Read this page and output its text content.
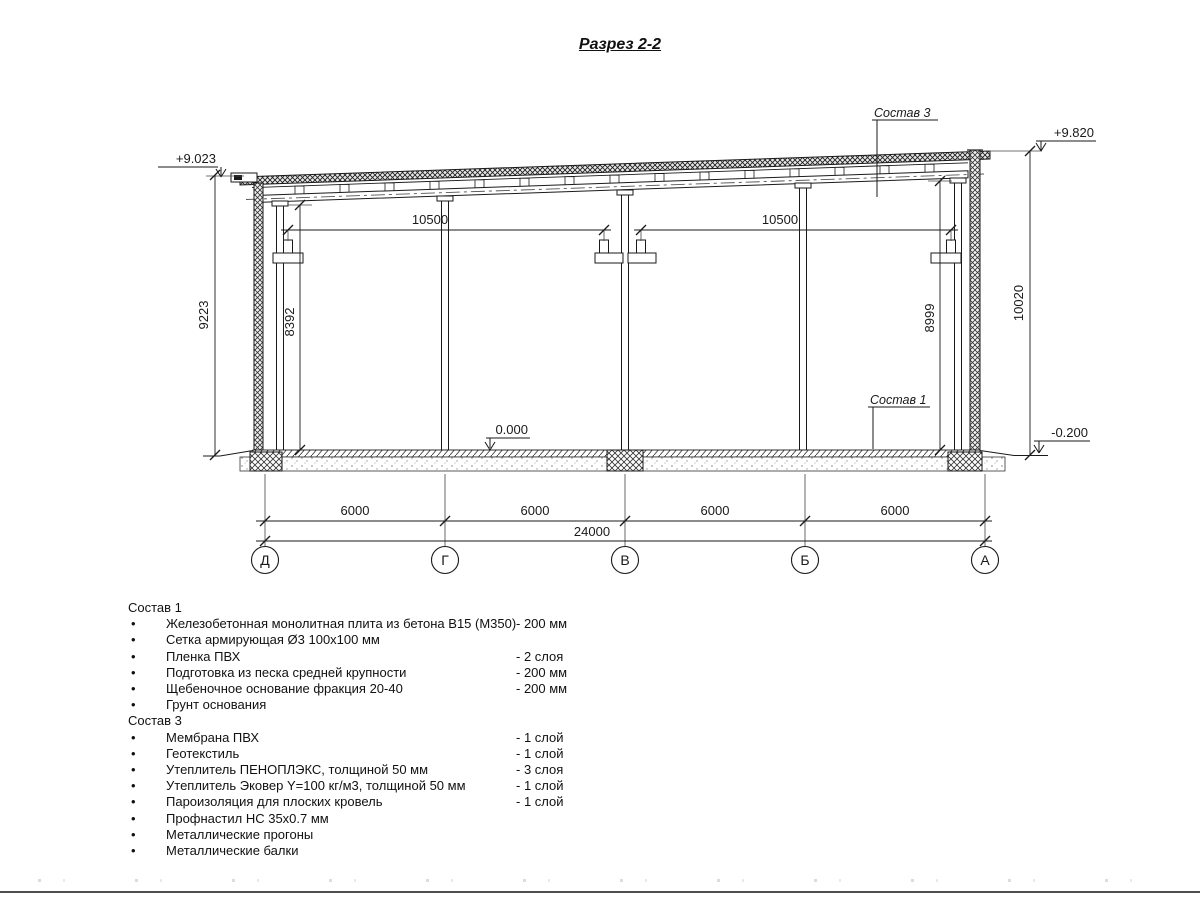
Разрез 2-2
+9.023
+9.820
0.000	-0.200
Состав 3
Состав 1
10500	10500
9223	8392	8999	10020
6000	6000	6000	6000
24000
Д	Г	В	Б	А
Состав 1
•	Железобетонная монолитная плита из бетона В15 (М350) - 200 мм
•	Сетка армирующая Ø3 100х100 мм
•	Пленка ПВХ	- 2 слоя
•	Подготовка из песка средней крупности	- 200 мм
•	Щебеночное основание фракция 20-40	- 200 мм
•	Грунт основания
Состав 3
•	Мембрана ПВХ	- 1 слой
•	Геотекстиль	- 1 слой
•	Утеплитель ПЕНОПЛЭКС, толщиной 50 мм	- 3 слоя
•	Утеплитель Эковер Y=100 кг/м3, толщиной 50 мм	- 1 слой
•	Пароизоляция для плоских кровель	- 1 слой
•	Профнастил НС 35х0.7 мм
•	Металлические прогоны
•	Металлические балки
